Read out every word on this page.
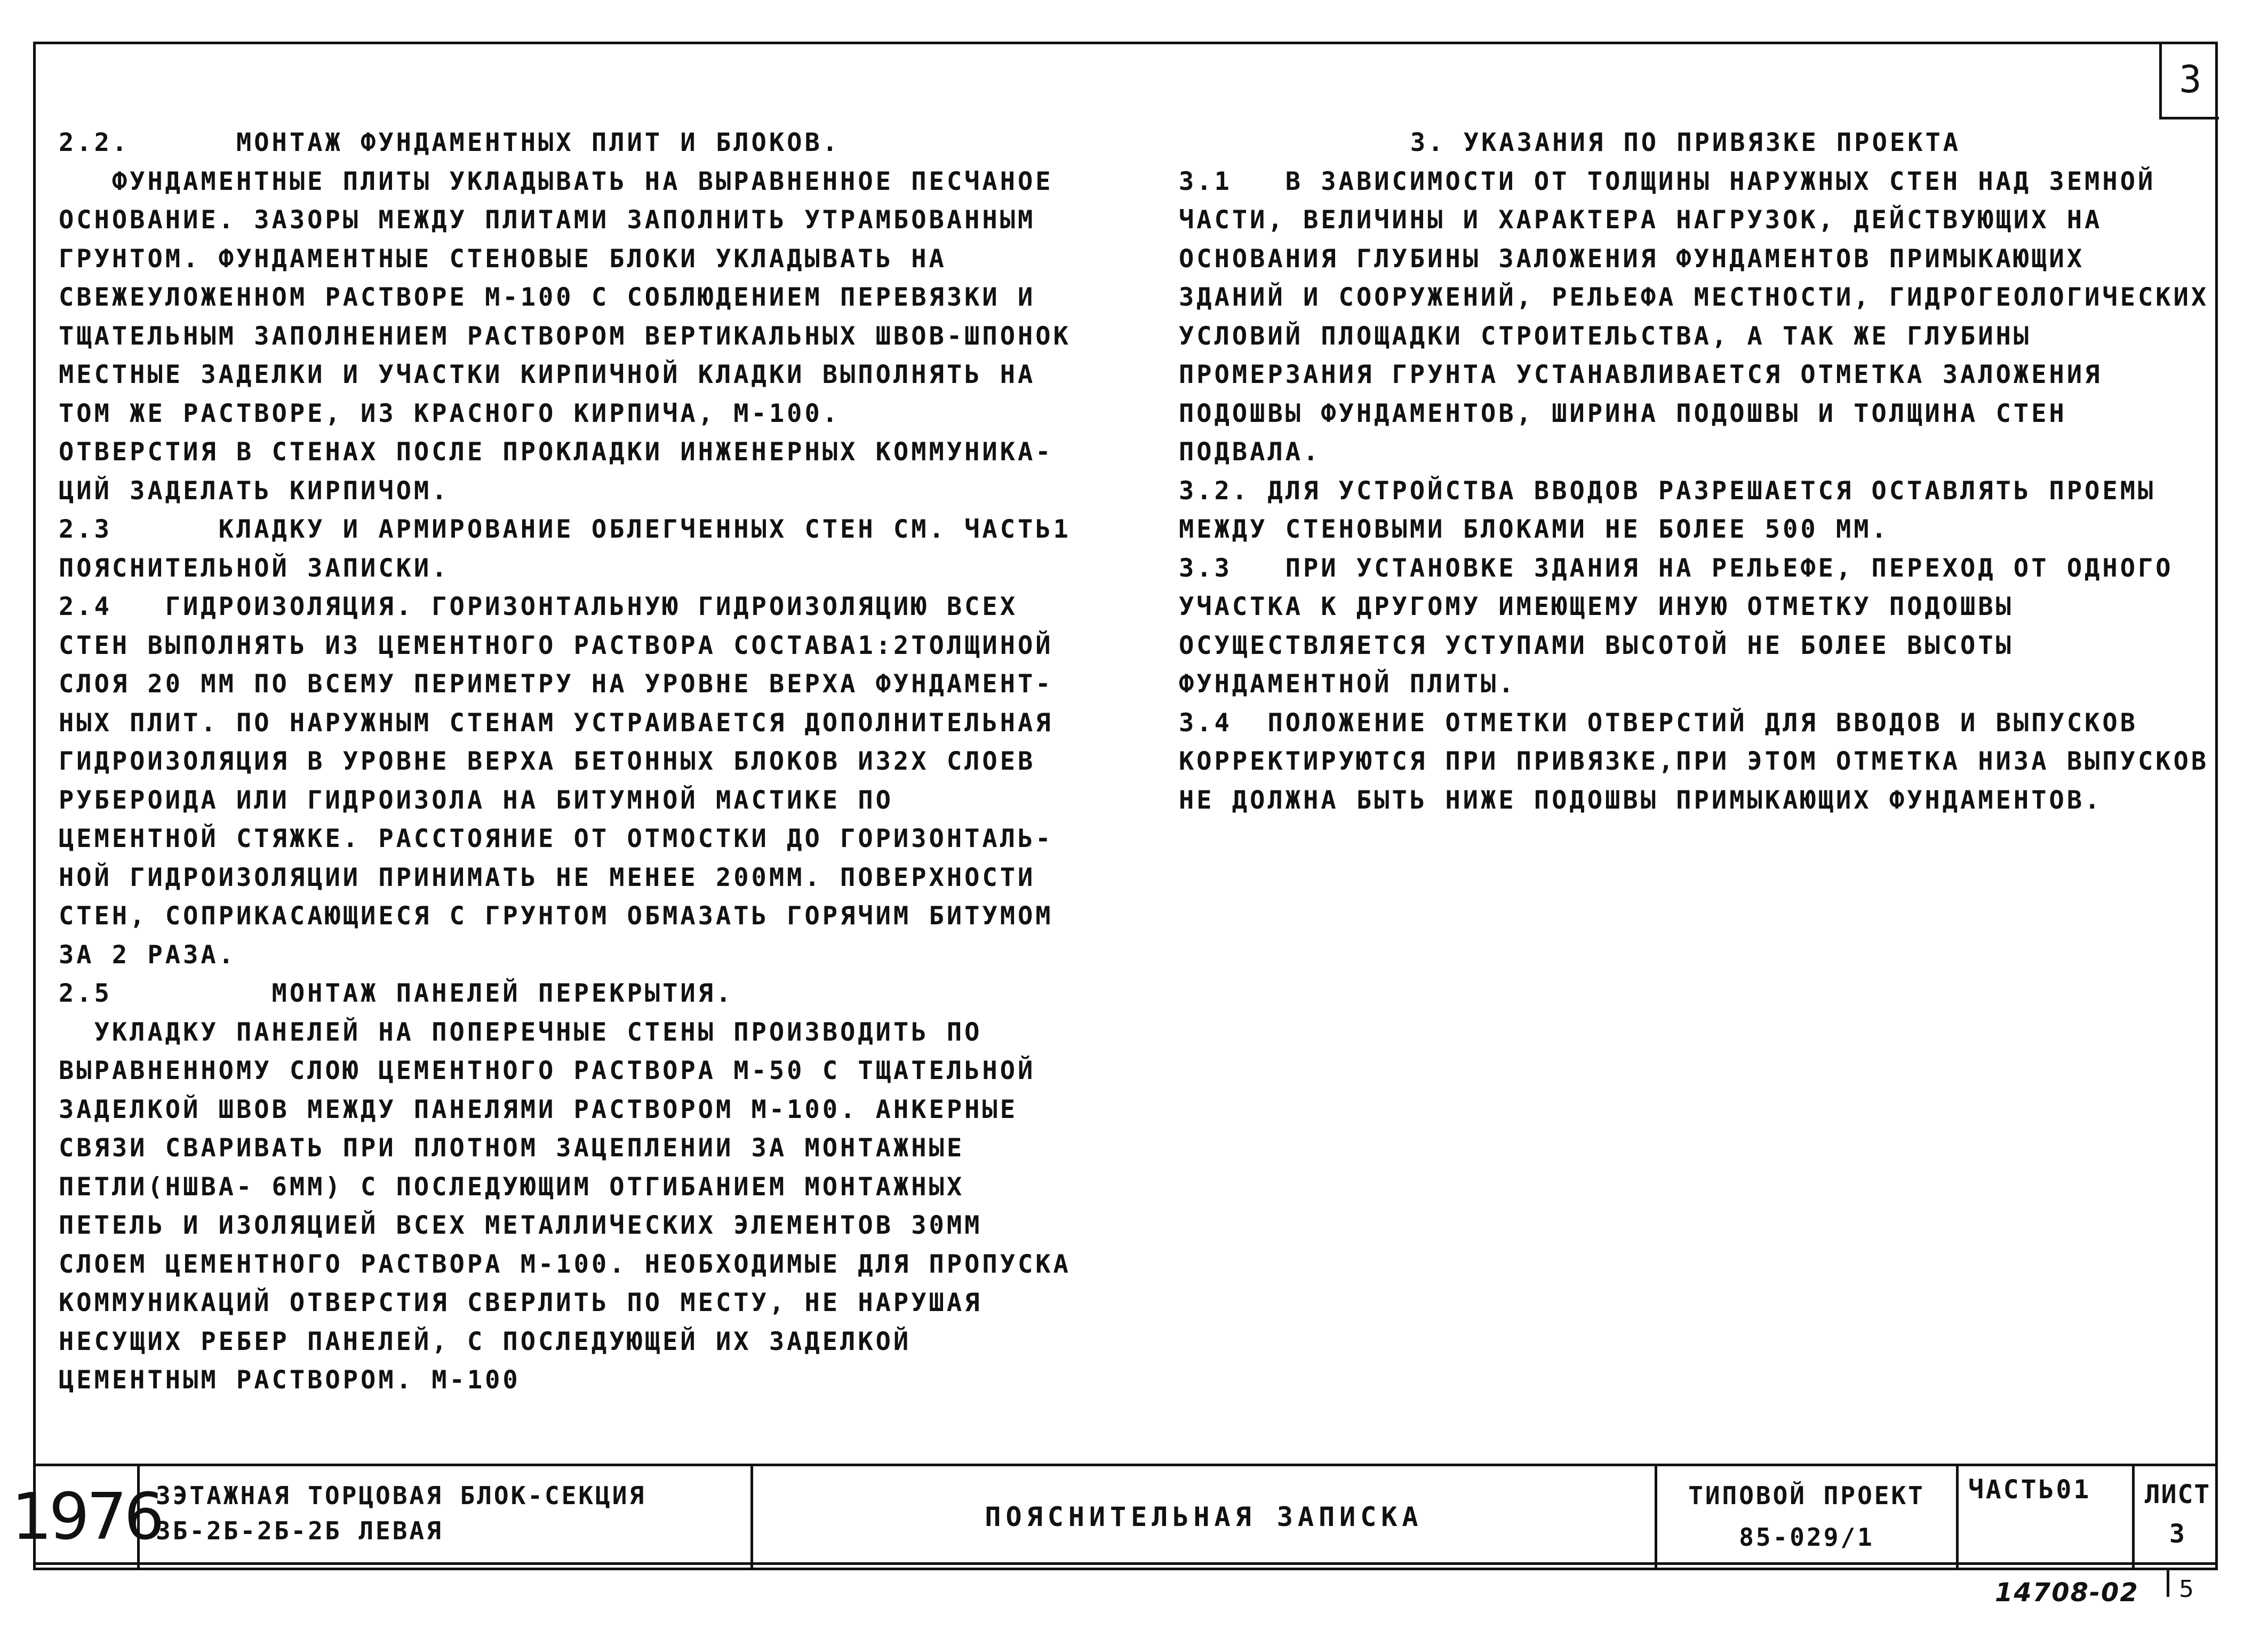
3
2.2.      МОНТАЖ ФУНДАМЕНТНЫХ ПЛИТ И БЛОКОВ.
ФУНДАМЕНТНЫЕ ПЛИТЫ УКЛАДЫВАТЬ НА ВЫРАВНЕННОЕ ПЕСЧАНОЕ
ОСНОВАНИЕ. ЗАЗОРЫ МЕЖДУ ПЛИТАМИ ЗАПОЛНИТЬ УТРАМБОВАННЫМ
ГРУНТОМ. ФУНДАМЕНТНЫЕ СТЕНОВЫЕ БЛОКИ УКЛАДЫВАТЬ НА
СВЕЖЕУЛОЖЕННОМ РАСТВОРЕ М-100 С СОБЛЮДЕНИЕМ ПЕРЕВЯЗКИ И
ТЩАТЕЛЬНЫМ ЗАПОЛНЕНИЕМ РАСТВОРОМ ВЕРТИКАЛЬНЫХ ШВОВ-ШПОНОК
МЕСТНЫЕ ЗАДЕЛКИ И УЧАСТКИ КИРПИЧНОЙ КЛАДКИ ВЫПОЛНЯТЬ НА
ТОМ ЖЕ РАСТВОРЕ, ИЗ КРАСНОГО КИРПИЧА, М-100.
ОТВЕРСТИЯ В СТЕНАХ ПОСЛЕ ПРОКЛАДКИ ИНЖЕНЕРНЫХ КОММУНИКА-
ЦИЙ ЗАДЕЛАТЬ КИРПИЧОМ.
2.3      КЛАДКУ И АРМИРОВАНИЕ ОБЛЕГЧЕННЫХ СТЕН СМ. ЧАСТЬ1
ПОЯСНИТЕЛЬНОЙ ЗАПИСКИ.
2.4   ГИДРОИЗОЛЯЦИЯ. ГОРИЗОНТАЛЬНУЮ ГИДРОИЗОЛЯЦИЮ ВСЕХ
СТЕН ВЫПОЛНЯТЬ ИЗ ЦЕМЕНТНОГО РАСТВОРА СОСТАВА1:2ТОЛЩИНОЙ
СЛОЯ 20 ММ ПО ВСЕМУ ПЕРИМЕТРУ НА УРОВНЕ ВЕРХА ФУНДАМЕНТ-
НЫХ ПЛИТ. ПО НАРУЖНЫМ СТЕНАМ УСТРАИВАЕТСЯ ДОПОЛНИТЕЛЬНАЯ
ГИДРОИЗОЛЯЦИЯ В УРОВНЕ ВЕРХА БЕТОННЫХ БЛОКОВ ИЗ2Х СЛОЕВ
РУБЕРОИДА ИЛИ ГИДРОИЗОЛА НА БИТУМНОЙ МАСТИКЕ ПО
ЦЕМЕНТНОЙ СТЯЖКЕ. РАССТОЯНИЕ ОТ ОТМОСТКИ ДО ГОРИЗОНТАЛЬ-
НОЙ ГИДРОИЗОЛЯЦИИ ПРИНИМАТЬ НЕ МЕНЕЕ 200ММ. ПОВЕРХНОСТИ
СТЕН, СОПРИКАСАЮЩИЕСЯ С ГРУНТОМ ОБМАЗАТЬ ГОРЯЧИМ БИТУМОМ
ЗА 2 РАЗА.
2.5         МОНТАЖ ПАНЕЛЕЙ ПЕРЕКРЫТИЯ.
УКЛАДКУ ПАНЕЛЕЙ НА ПОПЕРЕЧНЫЕ СТЕНЫ ПРОИЗВОДИТЬ ПО
ВЫРАВНЕННОМУ СЛОЮ ЦЕМЕНТНОГО РАСТВОРА М-50 С ТЩАТЕЛЬНОЙ
ЗАДЕЛКОЙ ШВОВ МЕЖДУ ПАНЕЛЯМИ РАСТВОРОМ М-100. АНКЕРНЫЕ
СВЯЗИ СВАРИВАТЬ ПРИ ПЛОТНОМ ЗАЦЕПЛЕНИИ ЗА МОНТАЖНЫЕ
ПЕТЛИ(HШВА- 6ММ) С ПОСЛЕДУЮЩИМ ОТГИБАНИЕМ МОНТАЖНЫХ
ПЕТЕЛЬ И ИЗОЛЯЦИЕЙ ВСЕХ МЕТАЛЛИЧЕСКИХ ЭЛЕМЕНТОВ 30ММ
СЛОЕМ ЦЕМЕНТНОГО РАСТВОРА М-100. НЕОБХОДИМЫЕ ДЛЯ ПРОПУСКА
КОММУНИКАЦИЙ ОТВЕРСТИЯ СВЕРЛИТЬ ПО МЕСТУ, НЕ НАРУШАЯ
НЕСУЩИХ РЕБЕР ПАНЕЛЕЙ, С ПОСЛЕДУЮЩЕЙ ИХ ЗАДЕЛКОЙ
ЦЕМЕНТНЫМ РАСТВОРОМ. М-100
3. УКАЗАНИЯ ПО ПРИВЯЗКЕ ПРОЕКТА
3.1   В ЗАВИСИМОСТИ ОТ ТОЛЩИНЫ НАРУЖНЫХ СТЕН НАД ЗЕМНОЙ
ЧАСТИ, ВЕЛИЧИНЫ И ХАРАКТЕРА НАГРУЗОК, ДЕЙСТВУЮЩИХ НА
ОСНОВАНИЯ ГЛУБИНЫ ЗАЛОЖЕНИЯ ФУНДАМЕНТОВ ПРИМЫКАЮЩИХ
ЗДАНИЙ И СООРУЖЕНИЙ, РЕЛЬЕФА МЕСТНОСТИ, ГИДРОГЕОЛОГИЧЕСКИХ
УСЛОВИЙ ПЛОЩАДКИ СТРОИТЕЛЬСТВА, А ТАК ЖЕ ГЛУБИНЫ
ПРОМЕРЗАНИЯ ГРУНТА УСТАНАВЛИВАЕТСЯ ОТМЕТКА ЗАЛОЖЕНИЯ
ПОДОШВЫ ФУНДАМЕНТОВ, ШИРИНА ПОДОШВЫ И ТОЛЩИНА СТЕН
ПОДВАЛА.
3.2. ДЛЯ УСТРОЙСТВА ВВОДОВ РАЗРЕШАЕТСЯ ОСТАВЛЯТЬ ПРОЕМЫ
МЕЖДУ СТЕНОВЫМИ БЛОКАМИ НЕ БОЛЕЕ 500 ММ.
3.3   ПРИ УСТАНОВКЕ ЗДАНИЯ НА РЕЛЬЕФЕ, ПЕРЕХОД ОТ ОДНОГО
УЧАСТКА К ДРУГОМУ ИМЕЮЩЕМУ ИНУЮ ОТМЕТКУ ПОДОШВЫ
ОСУЩЕСТВЛЯЕТСЯ УСТУПАМИ ВЫСОТОЙ НЕ БОЛЕЕ ВЫСОТЫ
ФУНДАМЕНТНОЙ ПЛИТЫ.
3.4  ПОЛОЖЕНИЕ ОТМЕТКИ ОТВЕРСТИЙ ДЛЯ ВВОДОВ И ВЫПУСКОВ
КОРРЕКТИРУЮТСЯ ПРИ ПРИВЯЗКЕ,ПРИ ЭТОМ ОТМЕТКА НИЗА ВЫПУСКОВ
НЕ ДОЛЖНА БЫТЬ НИЖЕ ПОДОШВЫ ПРИМЫКАЮЩИХ ФУНДАМЕНТОВ.
1976
3ЭТАЖНАЯ ТОРЦОВАЯ БЛОК-СЕКЦИЯ
3Б-2Б-2Б-2Б ЛЕВАЯ	ПОЯСНИТЕЛЬНАЯ ЗАПИСКА
ТИПОВОЙ ПРОЕКТ
85-029/1
ЧАСТЬ01	ЛИСТ
3
14708-02 5
